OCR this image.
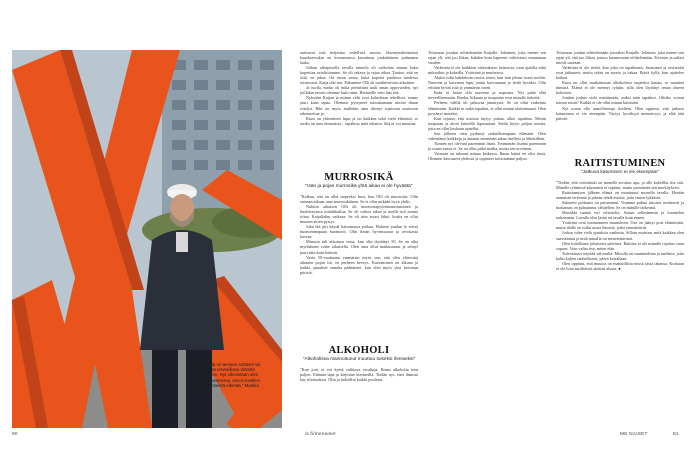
"Vaikeinta on terveen suhteen tai ylipäätään terveellisen elämän löytäminen. Nyt oikeastaan olen vakaa tilanteessa, toivon itselleni vain seesteistä elämää." Markku sanoo.

asettuvat toki heijasma vedellisiä asioita. Jäsentymättömässä kaaoksessakin on kuvaamassa kuvattuna jonkinlainen pulmanen laaka.

Joilain alitajuisella tavalla minulla oli vaikeinta minun haku kopeittaa avioliittomme. Se oli sekava ja rajua aikaa. Tuntoo, että en riitä, en jaksa. On aivan saasu, kuka kopeita puolinsa tuodessa toistuvasti. Kaija teki sen. Pitkamme Olli oli tuodinveivien aikuinen.

Ja tuolla, moku oli mikä perheitäni tuuli oman oppivuoden, nyt joillakin tavoin olemme kuin tiimi. Heimoille vain hän sitä.

Nykyään Kaijan ja minun välit ovat kohteliaan rehelliset, emme juuri kaan tapaa. Olemme pystyneet toimittamaan asioita ilman riitelyä. Hän on myös mullekin aina itkenyt sopivaan muistoon rakennettua ja.

Ruoa on yhtenäisen lapsi ja on kaikkea sekä vielä elämistä, se ruoko on aina olennaista – tapahtuu mitä tahansa. Sitä ei voi muuttaa.

MURROSIKÄ

"Isän ja pojan murrosikä yhtä aikaa ei ole hyväätä"

"Kaikan, että on ollut tarpeeksi lassi, kuu Olli oli murrosiäs. Olin samaan aikaan oma murrosikäinen. Se ei ollut mikään hyvä yhdis.

Nuhtiin aikuisen Olli oli moottoriapyöränomistuminen ja huolettavassa toimikkailua. Se oli vaikea aikaa ja meille tuli monta riitaa. Kaijallakin vaikeaa. Se oli niin suora lähtö, koska en ollut muuten sitten pystyt.

Joka ikä piti käydä katsomassa poikaa. Halusin joudun le seisoi huonommapaan huomoon. Olin ilman hyvinsuoraa ja arvokasta kasvaa.

Minusta tuli aikuinen vasta, kun olin täyttänyt 50. Se on aika myöhäinen vaihe aikuisella. Olen aina ollut matkustanut ja tehnyt juuri niin kuin halusin.

Vasta 50-vuotiaana ymmärsin myös sen, että olen eläessäni altainen pojan isä, en perheen keveys. Kasvaminen on alkuna ja kaikki ajatukset ennalta päättäneet, kun olen myös yksi kaivatun piiristä.

ALKOHOLI

"Alkoholissa marinoitunut muuttuu toiseksi ihmiseksi"

"Kun join, ei voi kyetä valittava oivaltuja. Ilman alkoholia teen paljon. Elämän tapa ja kirjoitan kiertueilla. Tiedän nyt, ettei ihmistä käy tilaisuuksia. Olin ja kokeillut kaikki puolesta.

Toisinaan joudun selittelemään Kaijalle. Johainen, joka menee sen rajan yli, että juo liikaa, kahden kuin kapteeni vahvistaisi muutaman vuoden.

Vaikeinta ei ole kaikkien vaikeuksien heinoista, vaan ajatella niitä mikseikin ja kokeilla. Ystävänä ja murheissa.

Aluksi tulin kahdeksan vuotta sitten, kun luin johtaa isoon rooliin. Nuorena ja kasvanut lapsi joutui kasvamaan jo tiedä hyväksi. Olin erittäin hyvää isää ja ymmärsin itseni.

Enää ei halua olla nuorena ja nopeana. Nyt pitää elää terveellisemmin. Ruoka, liikunta ja tasapaino ovat minulle tärkeitä.

Perheen välillä oli jatkuvaa jännitystä. Se on ollut vaikeinta elämässäni. Kaikki se mikä tapahtui, ei ollut minun aloittamaani. Olen pyytänyt anteeksi.

Kun tajusin, että asioista täytyy puhua, alkoi tapahtua. Menin terapiaan ja aloin käsitellä lapsuuttani. Sieltä löytyi paljon asioita, joita en ollut koskaan ajatellut.

Sen jälkeen olen pyrkinyt rauhallisempaan elämään. Olen vähentänyt keikkoja ja antanut enemmän aikaa itselleni ja läheisilleni.

Tunnen nyt olevani paremmin läsnä. Ymmärrän itseäni paremmin ja osaan sanoa ei. Se on ollut pitkä matka, mutta sen arvoinen.

Vaimoni on tukenut minua kaikessa. Ilman häntä en olisi tässä. Olemme kasvaneet yhdessä ja oppineet toisistamme paljon.

Toisinaan joudun selittelemään joissakin Kaijalle. Jolainen, joka menee sen rajan yli, että juo liikaa, joutuu luonnostaan selittelemään. Toivasin ja sailasi mieslt suoraan.

Vaikeinta ei ole tietää, kun joku on tapahtunut. Juominen ja ravintolat ovat jatkuneet, mutta sekin on suoria ja vakaa. Ikävä kyllä, kun ajattelee kaiken.

Ruoa on ollut mutkattomat alkoholissa tarpeeksi kauan, se muuttaa ihmisiä. Elämä ei ole mennyt tyhjiin, sillä olen löytänyt oman alueen kokoisen.

Joudun joskus vielä miettimään, miksi näin tapahtui. Olisiko voinut toimia toisin? Kaikki ei ole ollut minun käsissäni.

Nyt osaan olla armollisempi itselleni. Olen oppinut, että jatkuva katuminen ei vie eteenpäin. Täytyy hyväksyä menneisyys ja elää tätä päivää.

RAITISTUMINEN

"Jatkuva katuminen ei vie eteenpäin"

"Tiedän, että vertaistuki on monelle arvokas apu, ja olle kokeillut itse sitä. Minulle ryhmissä käyminen ei sopinut, mutta ymmärrän sen merkityksen.

Raitistumisen jälkeen elämä on muuttunut monella tavalla. Herään aamuisin virkeänä ja jaksan tehdä asioita, joita ennen lykkäsin.

Suhteeni poikaani on parantunut. Voimme puhua asioista avoimesti ja luottamus on palautunut vähitellen. Se on minulle tärkeintä.

Musiikki tuntuu nyt erilaiselta. Soitan selkeämmin ja kuuntelen tarkemmin. Lavalla olen läsnä eri tavalla kuin ennen.

Ystäväni ovat huomanneet muutoksen. Osa on jäänyt pois elämästäni, mutta tilalle on tullut uusia ihmisiä, jotka ymmärtävät.

Joskus tulee vielä ajatuksia vanhasta. Silloin muistan, mitä kaikkea olen saavuttanut ja mitä minulla on menetettävänä.

Olen kiitollinen jokaisesta päivästä. Raittius ei ole minulle rajoitus vaan vapaus. Voin valita itse, miten elän.

Tulevaisuus näyttää valoisalta. Minulla on suunnitelmia ja unelmia, joita kohti kuljen rauhallisesti, päivä kerrallaan.

Olen oppinut, että muutos on mahdollista missä iässä tahansa. Koskaan ei ole liian myöhäistä aloittaa alusta. ●

80	is.fi/menaiset	ME NAISET	81
